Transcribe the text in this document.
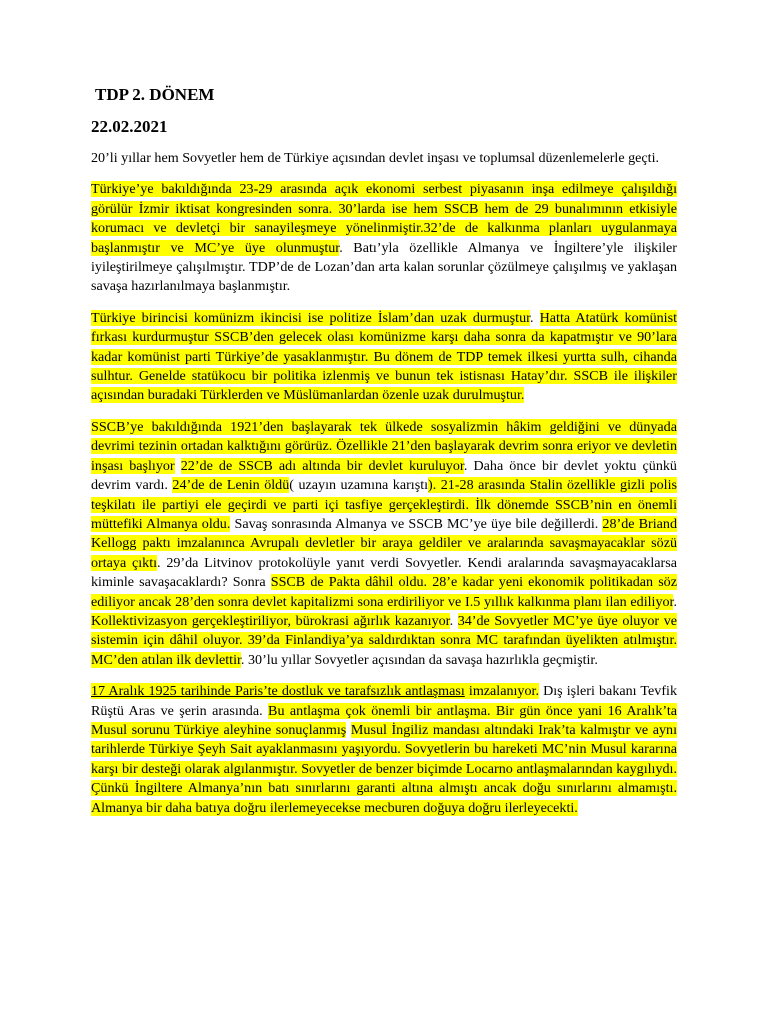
TDP 2. DÖNEM
22.02.2021

20’li yıllar hem Sovyetler hem de Türkiye açısından devlet inşası ve toplumsal düzenlemelerle geçti.

Türkiye’ye bakıldığında 23-29 arasında açık ekonomi serbest piyasanın inşa edilmeye çalışıldığı görülür İzmir iktisat kongresinden sonra. 30’larda ise hem SSCB hem de 29 bunalımının etkisiyle korumacı ve devletçi bir sanayileşmeye yönelinmiştir.32’de de kalkınma planları uygulanmaya başlanmıştır ve MC’ye üye olunmuştur. Batı’yla özellikle Almanya ve İngiltere’yle ilişkiler iyileştirilmeye çalışılmıştır. TDP’de de Lozan’dan arta kalan sorunlar çözülmeye çalışılmış ve yaklaşan savaşa hazırlanılmaya başlanmıştır.

Türkiye birincisi komünizm ikincisi ise politize İslam’dan uzak durmuştur. Hatta Atatürk komünist fırkası kurdurmuştur SSCB’den gelecek olası komünizme karşı daha sonra da kapatmıştır ve 90’lara kadar komünist parti Türkiye’de yasaklanmıştır. Bu dönem de TDP temek ilkesi yurtta sulh, cihanda sulhtur. Genelde statükocu bir politika izlenmiş ve bunun tek istisnası Hatay’dır. SSCB ile ilişkiler açısından buradaki Türklerden ve Müslümanlardan özenle uzak durulmuştur.

SSCB’ye bakıldığında 1921’den başlayarak tek ülkede sosyalizmin hâkim geldiğini ve dünyada devrimi tezinin ortadan kalktığını görürüz. Özellikle 21’den başlayarak devrim sonra eriyor ve devletin inşası başlıyor 22’de de SSCB adı altında bir devlet kuruluyor. Daha önce bir devlet yoktu çünkü devrim vardı. 24’de de Lenin öldü( uzayın uzamına karıştı). 21-28 arasında Stalin özellikle gizli polis teşkilatı ile partiyi ele geçirdi ve parti içi tasfiye gerçekleştirdi. İlk dönemde SSCB’nin en önemli müttefiki Almanya oldu. Savaş sonrasında Almanya ve SSCB MC’ye üye bile değillerdi. 28’de Briand Kellogg paktı imzalanınca Avrupalı devletler bir araya geldiler ve aralarında savaşmayacaklar sözü ortaya çıktı. 29’da Litvinov protokolüyle yanıt verdi Sovyetler. Kendi aralarında savaşmayacaklarsa kiminle savaşacaklardı? Sonra SSCB de Pakta dâhil oldu. 28’e kadar yeni ekonomik politikadan söz ediliyor ancak 28’den sonra devlet kapitalizmi sona erdiriliyor ve I.5 yıllık kalkınma planı ilan ediliyor. Kollektivizasyon gerçekleştiriliyor, bürokrasi ağırlık kazanıyor. 34’de Sovyetler MC’ye üye oluyor ve sistemin için dâhil oluyor. 39’da Finlandiya’ya saldırdıktan sonra MC tarafından üyelikten atılmıştır. MC’den atılan ilk devlettir. 30’lu yıllar Sovyetler açısından da savaşa hazırlıkla geçmiştir.

17 Aralık 1925 tarihinde Paris’te dostluk ve tarafsızlık antlaşması imzalanıyor. Dış işleri bakanı Tevfik Rüştü Aras ve şerin arasında. Bu antlaşma çok önemli bir antlaşma. Bir gün önce yani 16 Aralık’ta Musul sorunu Türkiye aleyhine sonuçlanmış Musul İngiliz mandası altındaki Irak’ta kalmıştır ve aynı tarihlerde Türkiye Şeyh Sait ayaklanmasını yaşıyordu. Sovyetlerin bu hareketi MC’nin Musul kararına karşı bir desteği olarak algılanmıştır. Sovyetler de benzer biçimde Locarno antlaşmalarından kaygılıydı. Çünkü İngiltere Almanya’nın batı sınırlarını garanti altına almıştı ancak doğu sınırlarını almamıştı. Almanya bir daha batıya doğru ilerlemeyecekse mecburen doğuya doğru ilerleyecekti.
